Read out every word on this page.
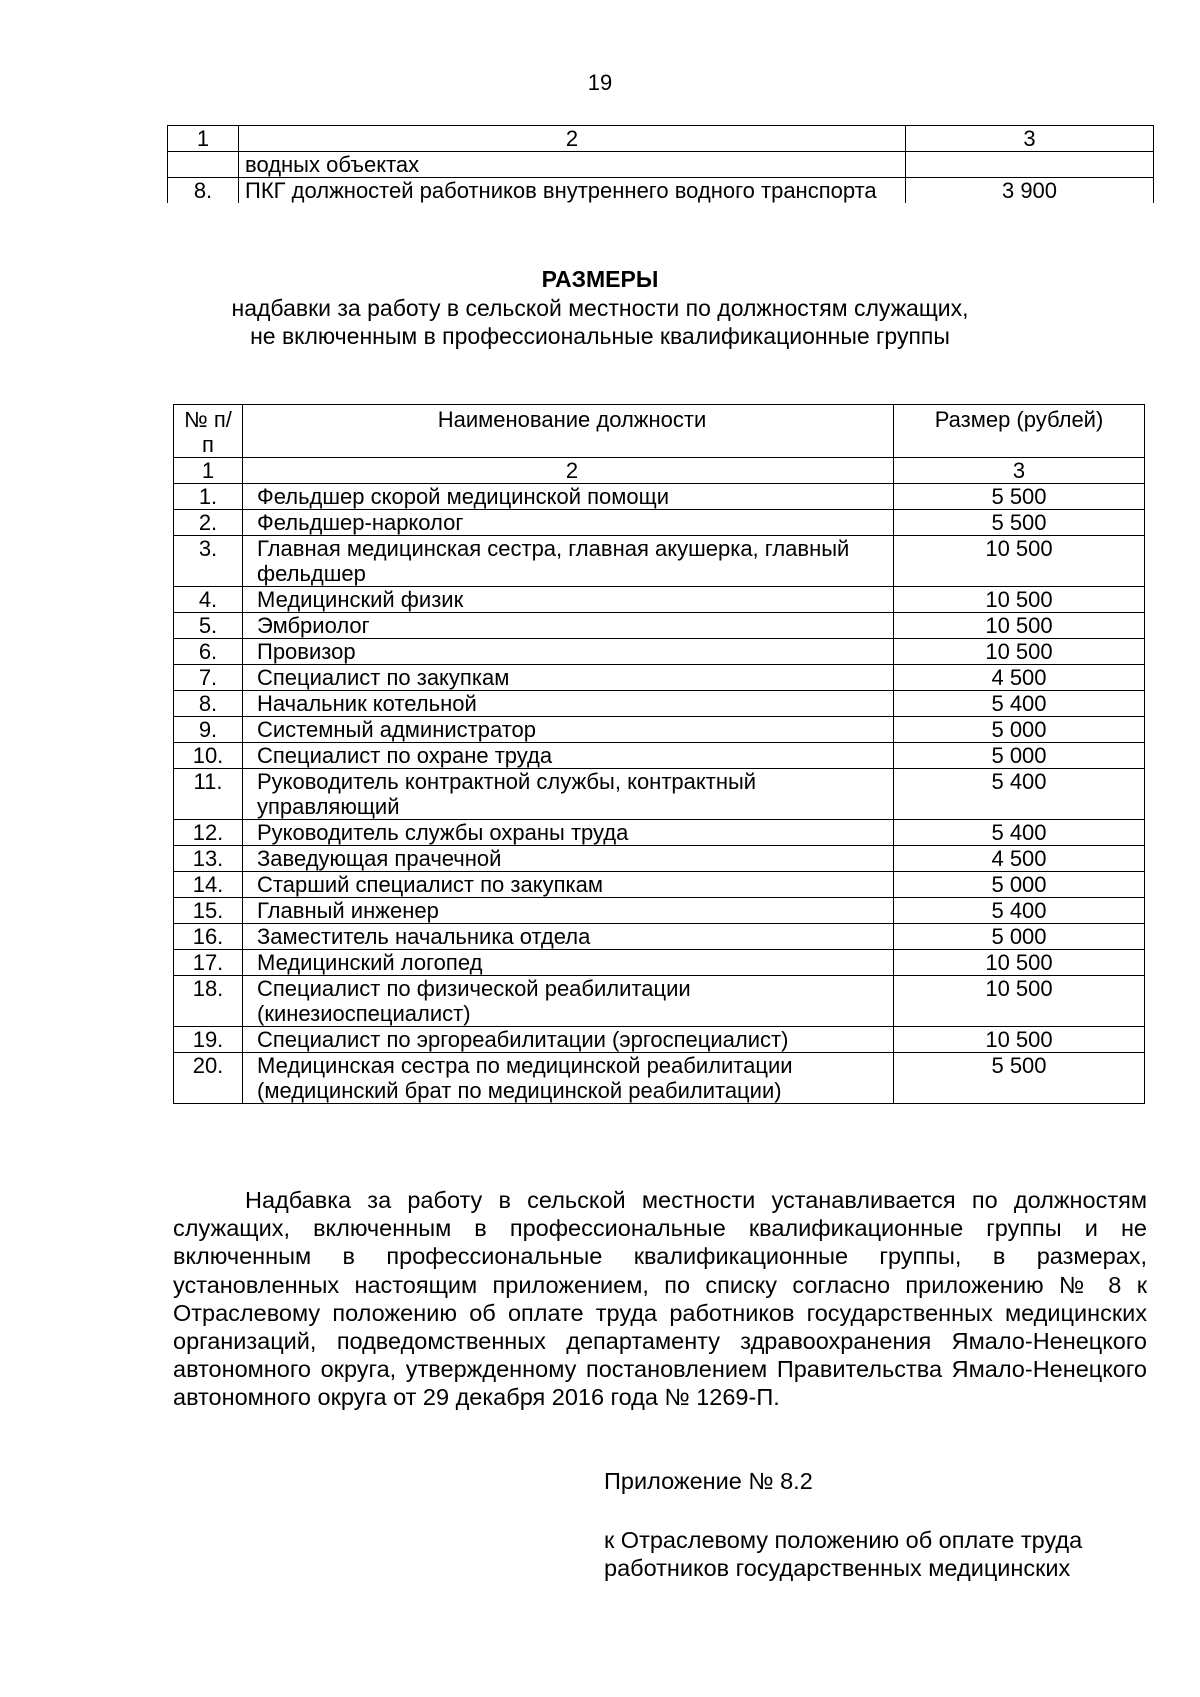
19
1	2	3
	водных объектах	
8.	ПКГ должностей работников внутреннего водного транспорта	3 900
РАЗМЕРЫ
надбавки за работу в сельской местности по должностям служащих,
не включенным в профессиональные квалификационные группы
№ п/п	Наименование должности	Размер (рублей)
1	2	3
1.	Фельдшер скорой медицинской помощи	5 500
2.	Фельдшер-нарколог	5 500
3.	Главная медицинская сестра, главная акушерка, главный фельдшер	10 500
4.	Медицинский физик	10 500
5.	Эмбриолог	10 500
6.	Провизор	10 500
7.	Специалист по закупкам	4 500
8.	Начальник котельной	5 400
9.	Системный администратор	5 000
10.	Специалист по охране труда	5 000
11.	Руководитель контрактной службы, контрактный управляющий	5 400
12.	Руководитель службы охраны труда	5 400
13.	Заведующая прачечной	4 500
14.	Старший специалист по закупкам	5 000
15.	Главный инженер	5 400
16.	Заместитель начальника отдела	5 000
17.	Медицинский логопед	10 500
18.	Специалист по физической реабилитации (кинезиоспециалист)	10 500
19.	Специалист по эргореабилитации (эргоспециалист)	10 500
20.	Медицинская сестра по медицинской реабилитации (медицинский брат по медицинской реабилитации)	5 500
Надбавка за работу в сельской местности устанавливается по должностям служащих, включенным в профессиональные квалификационные группы и не включенным в профессиональные квалификационные группы, в размерах, установленных настоящим приложением, по списку согласно приложению № 8 к Отраслевому положению об оплате труда работников государственных медицинских организаций, подведомственных департаменту здравоохранения Ямало-Ненецкого автономного округа, утвержденному постановлением Правительства Ямало-Ненецкого автономного округа от 29 декабря 2016 года № 1269-П.
Приложение № 8.2
к Отраслевому положению об оплате труда работников государственных медицинских
